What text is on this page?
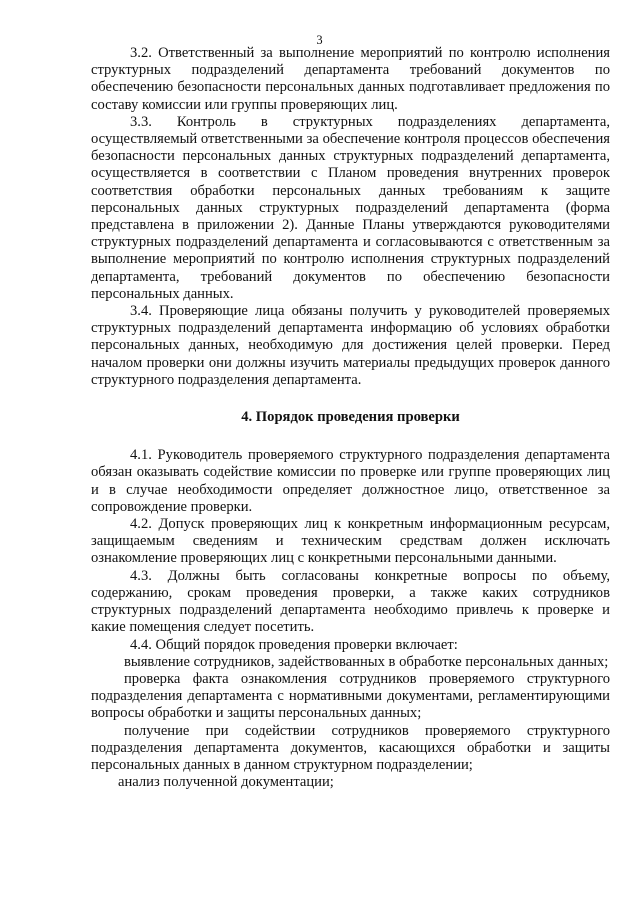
3

3.2. Ответственный за выполнение мероприятий по контролю исполнения структурных подразделений департамента требований документов по обеспечению безопасности персональных данных подготавливает предложения по составу комиссии или группы проверяющих лиц.

3.3. Контроль в структурных подразделениях департамента, осуществляемый ответственными за обеспечение контроля процессов обеспечения безопасности персональных данных структурных подразделений департамента, осуществляется в соответствии с Планом проведения внутренних проверок соответствия обработки персональных данных требованиям к защите персональных данных структурных подразделений департамента (форма представлена в приложении 2). Данные Планы утверждаются руководителями структурных подразделений департамента и согласовываются с ответственным за выполнение мероприятий по контролю исполнения структурных подразделений департамента, требований документов по обеспечению безопасности персональных данных.

3.4. Проверяющие лица обязаны получить у руководителей проверяемых структурных подразделений департамента информацию об условиях обработки персональных данных, необходимую для достижения целей проверки. Перед началом проверки они должны изучить материалы предыдущих проверок данного структурного подразделения департамента.

4. Порядок проведения проверки

4.1. Руководитель проверяемого структурного подразделения департамента обязан оказывать содействие комиссии по проверке или группе проверяющих лиц и в случае необходимости определяет должностное лицо, ответственное за сопровождение проверки.

4.2. Допуск проверяющих лиц к конкретным информационным ресурсам, защищаемым сведениям и техническим средствам должен исключать ознакомление проверяющих лиц с конкретными персональными данными.

4.3. Должны быть согласованы конкретные вопросы по объему, содержанию, срокам проведения проверки, а также каких сотрудников структурных подразделений департамента необходимо привлечь к проверке и какие помещения следует посетить.

4.4. Общий порядок проведения проверки включает:

выявление сотрудников, задействованных в обработке персональных данных;

проверка факта ознакомления сотрудников проверяемого структурного подразделения департамента с нормативными документами, регламентирующими вопросы обработки и защиты персональных данных;

получение при содействии сотрудников проверяемого структурного подразделения департамента документов, касающихся обработки и защиты персональных данных в данном структурном подразделении;

анализ полученной документации;
